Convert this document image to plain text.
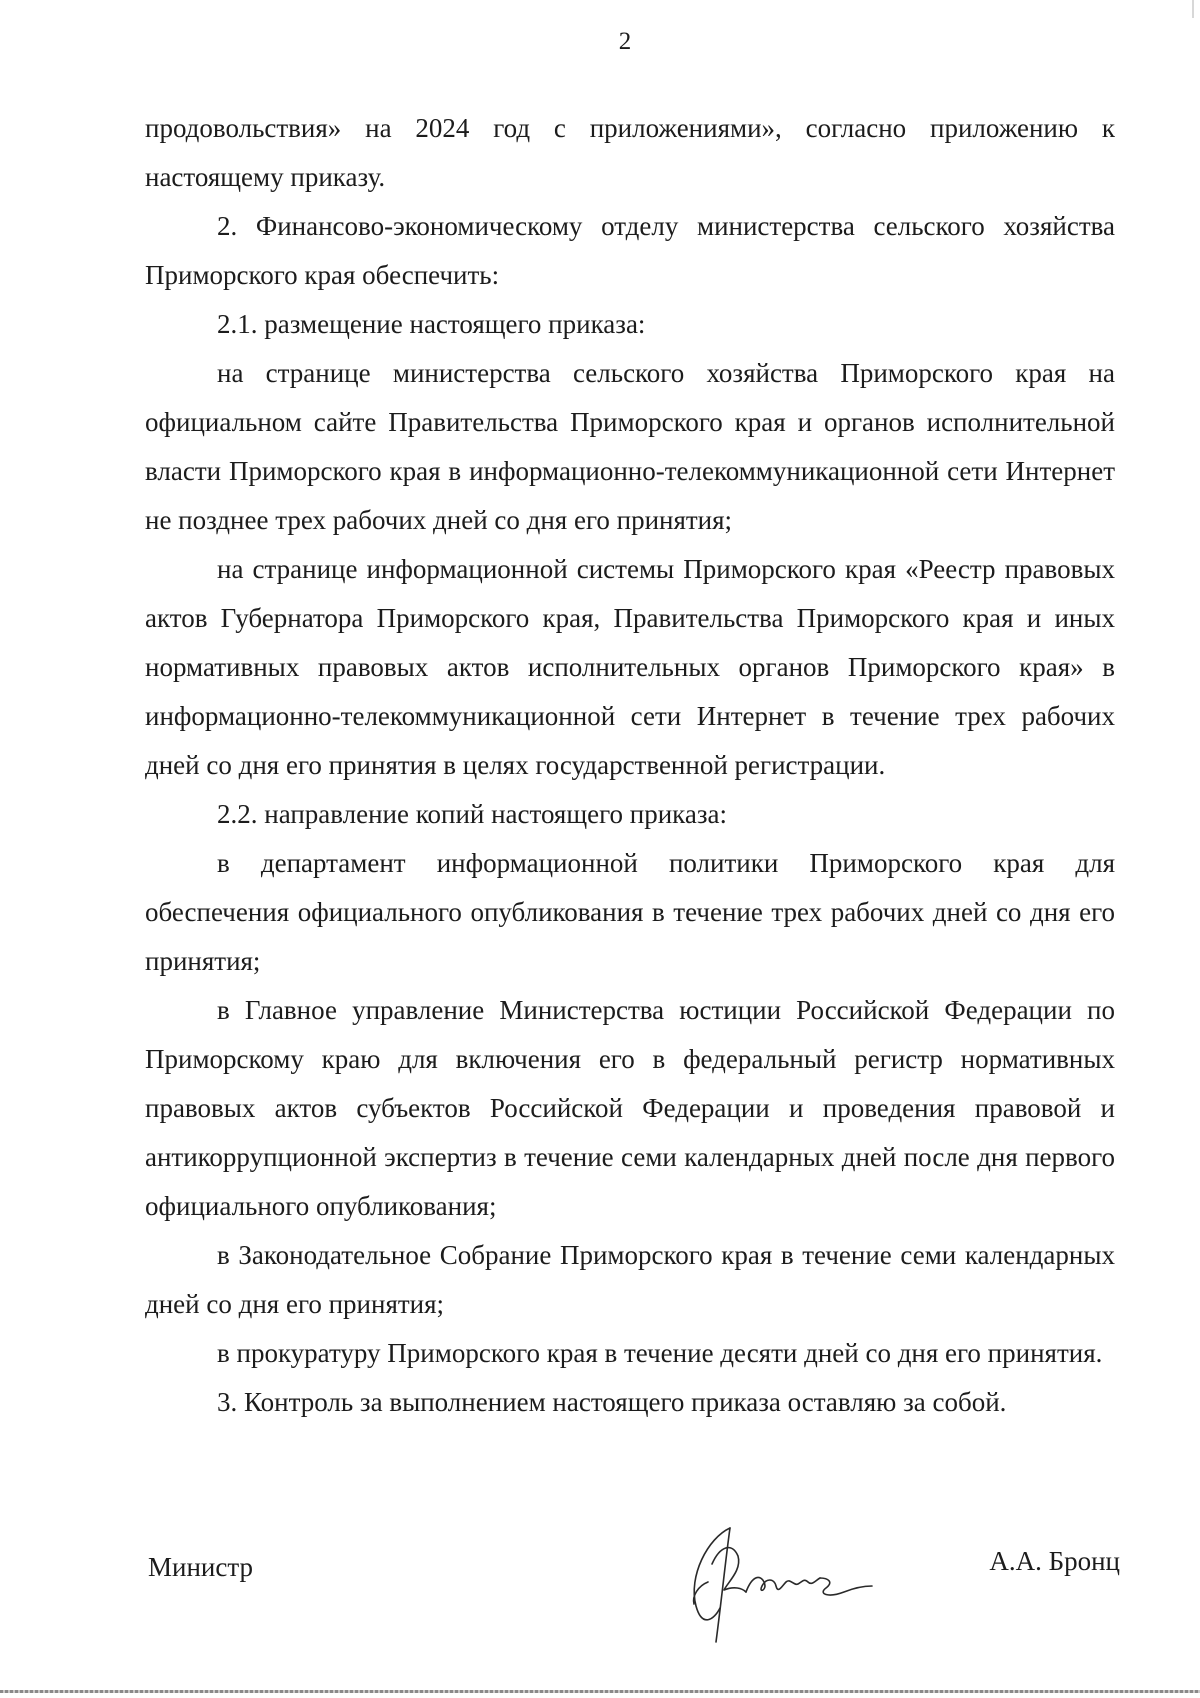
2

продовольствия» на 2024 год с приложениями», согласно приложению к настоящему приказу.

2. Финансово-экономическому отделу министерства сельского хозяйства Приморского края обеспечить:

2.1. размещение настоящего приказа:

на странице министерства сельского хозяйства Приморского края на официальном сайте Правительства Приморского края и органов исполнительной власти Приморского края в информационно-телекоммуникационной сети Интернет не позднее трех рабочих дней со дня его принятия;

на странице информационной системы Приморского края «Реестр правовых актов Губернатора Приморского края, Правительства Приморского края и иных нормативных правовых актов исполнительных органов Приморского края» в информационно-телекоммуникационной сети Интернет в течение трех рабочих дней со дня его принятия в целях государственной регистрации.

2.2. направление копий настоящего приказа:

в департамент информационной политики Приморского края для обеспечения официального опубликования в течение трех рабочих дней со дня его принятия;

в Главное управление Министерства юстиции Российской Федерации по Приморскому краю для включения его в федеральный регистр нормативных правовых актов субъектов Российской Федерации и проведения правовой и антикоррупционной экспертиз в течение семи календарных дней после дня первого официального опубликования;

в Законодательное Собрание Приморского края в течение семи календарных дней со дня его принятия;

в прокуратуру Приморского края в течение десяти дней со дня его принятия.

3. Контроль за выполнением настоящего приказа оставляю за собой.

Министр	А.А. Бронц
